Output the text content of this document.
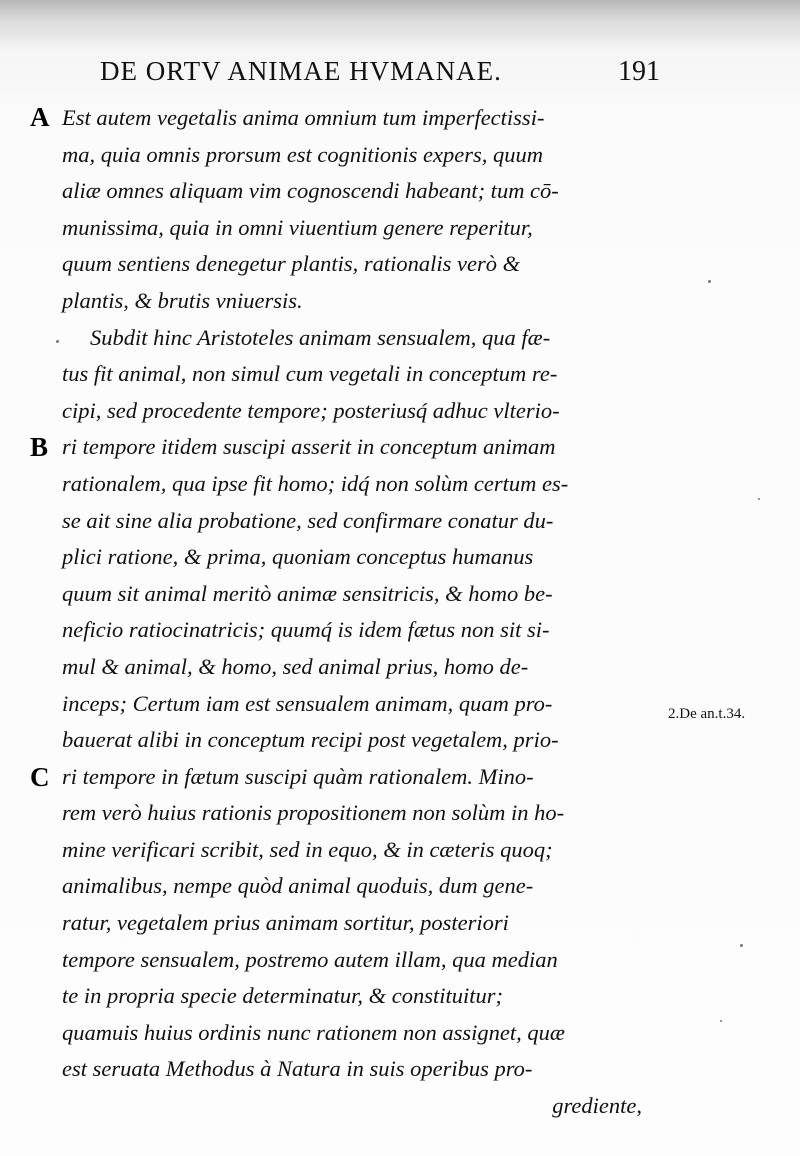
DE ORTV ANIMAE HVMANAE.	191
A
B
C
Est autem vegetalis anima omnium tum imperfectissi-
ma, quia omnis prorsum est cognitionis expers, quum
aliæ omnes aliquam vim cognoscendi habeant; tum cō-
munissima, quia in omni viuentium genere reperitur,
quum sentiens denegetur plantis, rationalis verò &
plantis, & brutis vniuersis.
Subdit hinc Aristoteles animam sensualem, qua fæ-
tus fit animal, non simul cum vegetali in conceptum re-
cipi, sed procedente tempore; posteriusq́ adhuc vlterio-
ri tempore itidem suscipi asserit in conceptum animam
rationalem, qua ipse fit homo; idq́ non solùm certum es-
se ait sine alia probatione, sed confirmare conatur du-
plici ratione, & prima, quoniam conceptus humanus
quum sit animal meritò animæ sensitricis, & homo be-
neficio ratiocinatricis; quumq́ is idem fætus non sit si-
mul & animal, & homo, sed animal prius, homo de-
inceps; Certum iam est sensualem animam, quam pro-
bauerat alibi in conceptum recipi post vegetalem, prio-
ri tempore in fætum suscipi quàm rationalem. Mino-
rem verò huius rationis propositionem non solùm in ho-
mine verificari scribit, sed in equo, & in cæteris quoq;
animalibus, nempe quòd animal quoduis, dum gene-
ratur, vegetalem prius animam sortitur, posteriori
tempore sensualem, postremo autem illam, qua median
te in propria specie determinatur, & constituitur;
quamuis huius ordinis nunc rationem non assignet, quæ
est seruata Methodus à Natura in suis operibus pro-
grediente,
2.De an.t.34.
